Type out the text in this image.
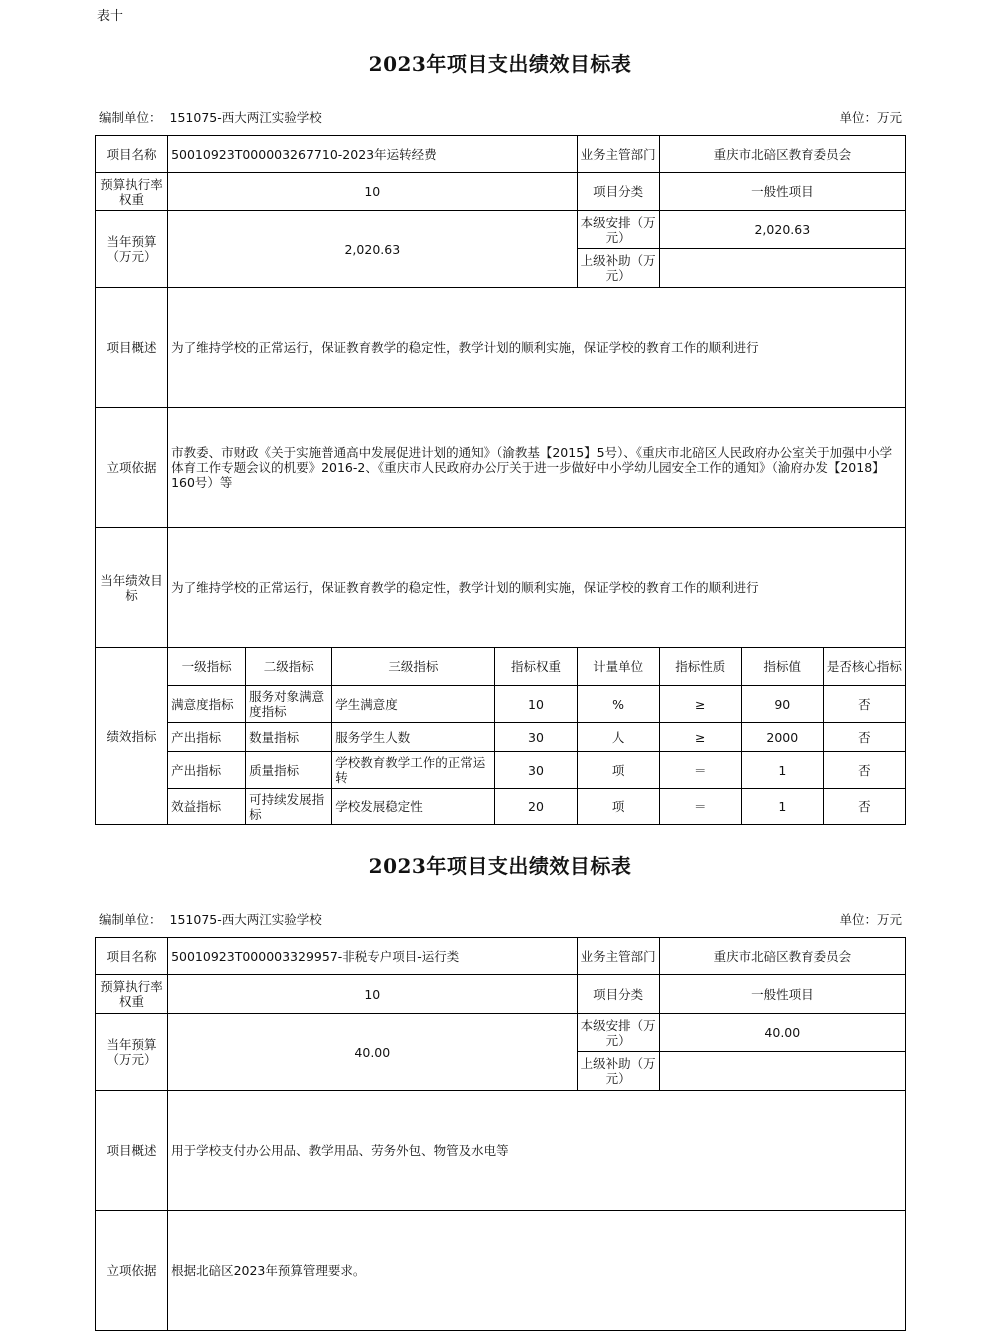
表十
2023年项目支出绩效目标表
编制单位： 151075-西大两江实验学校	单位：万元
项目名称	50010923T000003267710-2023年运转经费				业务主管部门	重庆市北碚区教育委员会		
预算执行率权重	10				项目分类	一般性项目		
当年预算（万元）	2,020.63				本级安排（万元）	2,020.63		
					上级补助（万元）			
项目概述	为了维持学校的正常运行，保证教育教学的稳定性，教学计划的顺利实施，保证学校的教育工作的顺利进行							
立项依据	市教委、市财政《关于实施普通高中发展促进计划的通知》（渝教基【2015】5号）、《重庆市北碚区人民政府办公室关于加强中小学体育工作专题会议的机要》2016-2、《重庆市人民政府办公厅关于进一步做好中小学幼儿园安全工作的通知》（渝府办发【2018】160号）等							
当年绩效目标	为了维持学校的正常运行，保证教育教学的稳定性，教学计划的顺利实施，保证学校的教育工作的顺利进行							
绩效指标	一级指标	二级指标	三级指标	指标权重	计量单位	指标性质	指标值	是否核心指标
	满意度指标	服务对象满意度指标	学生满意度	10	%	≥	90	否
	产出指标	数量指标	服务学生人数	30	人	≥	2000	否
	产出指标	质量指标	学校教育教学工作的正常运转	30	项	＝	1	否
	效益指标	可持续发展指标	学校发展稳定性	20	项	＝	1	否
2023年项目支出绩效目标表
编制单位： 151075-西大两江实验学校	单位：万元
项目名称	50010923T000003329957-非税专户项目-运行类	业务主管部门	重庆市北碚区教育委员会
预算执行率权重	10	项目分类	一般性项目
当年预算（万元）	40.00	本级安排（万元）	40.00
		上级补助（万元）	
项目概述	用于学校支付办公用品、教学用品、劳务外包、物管及水电等		
立项依据	根据北碚区2023年预算管理要求。		
